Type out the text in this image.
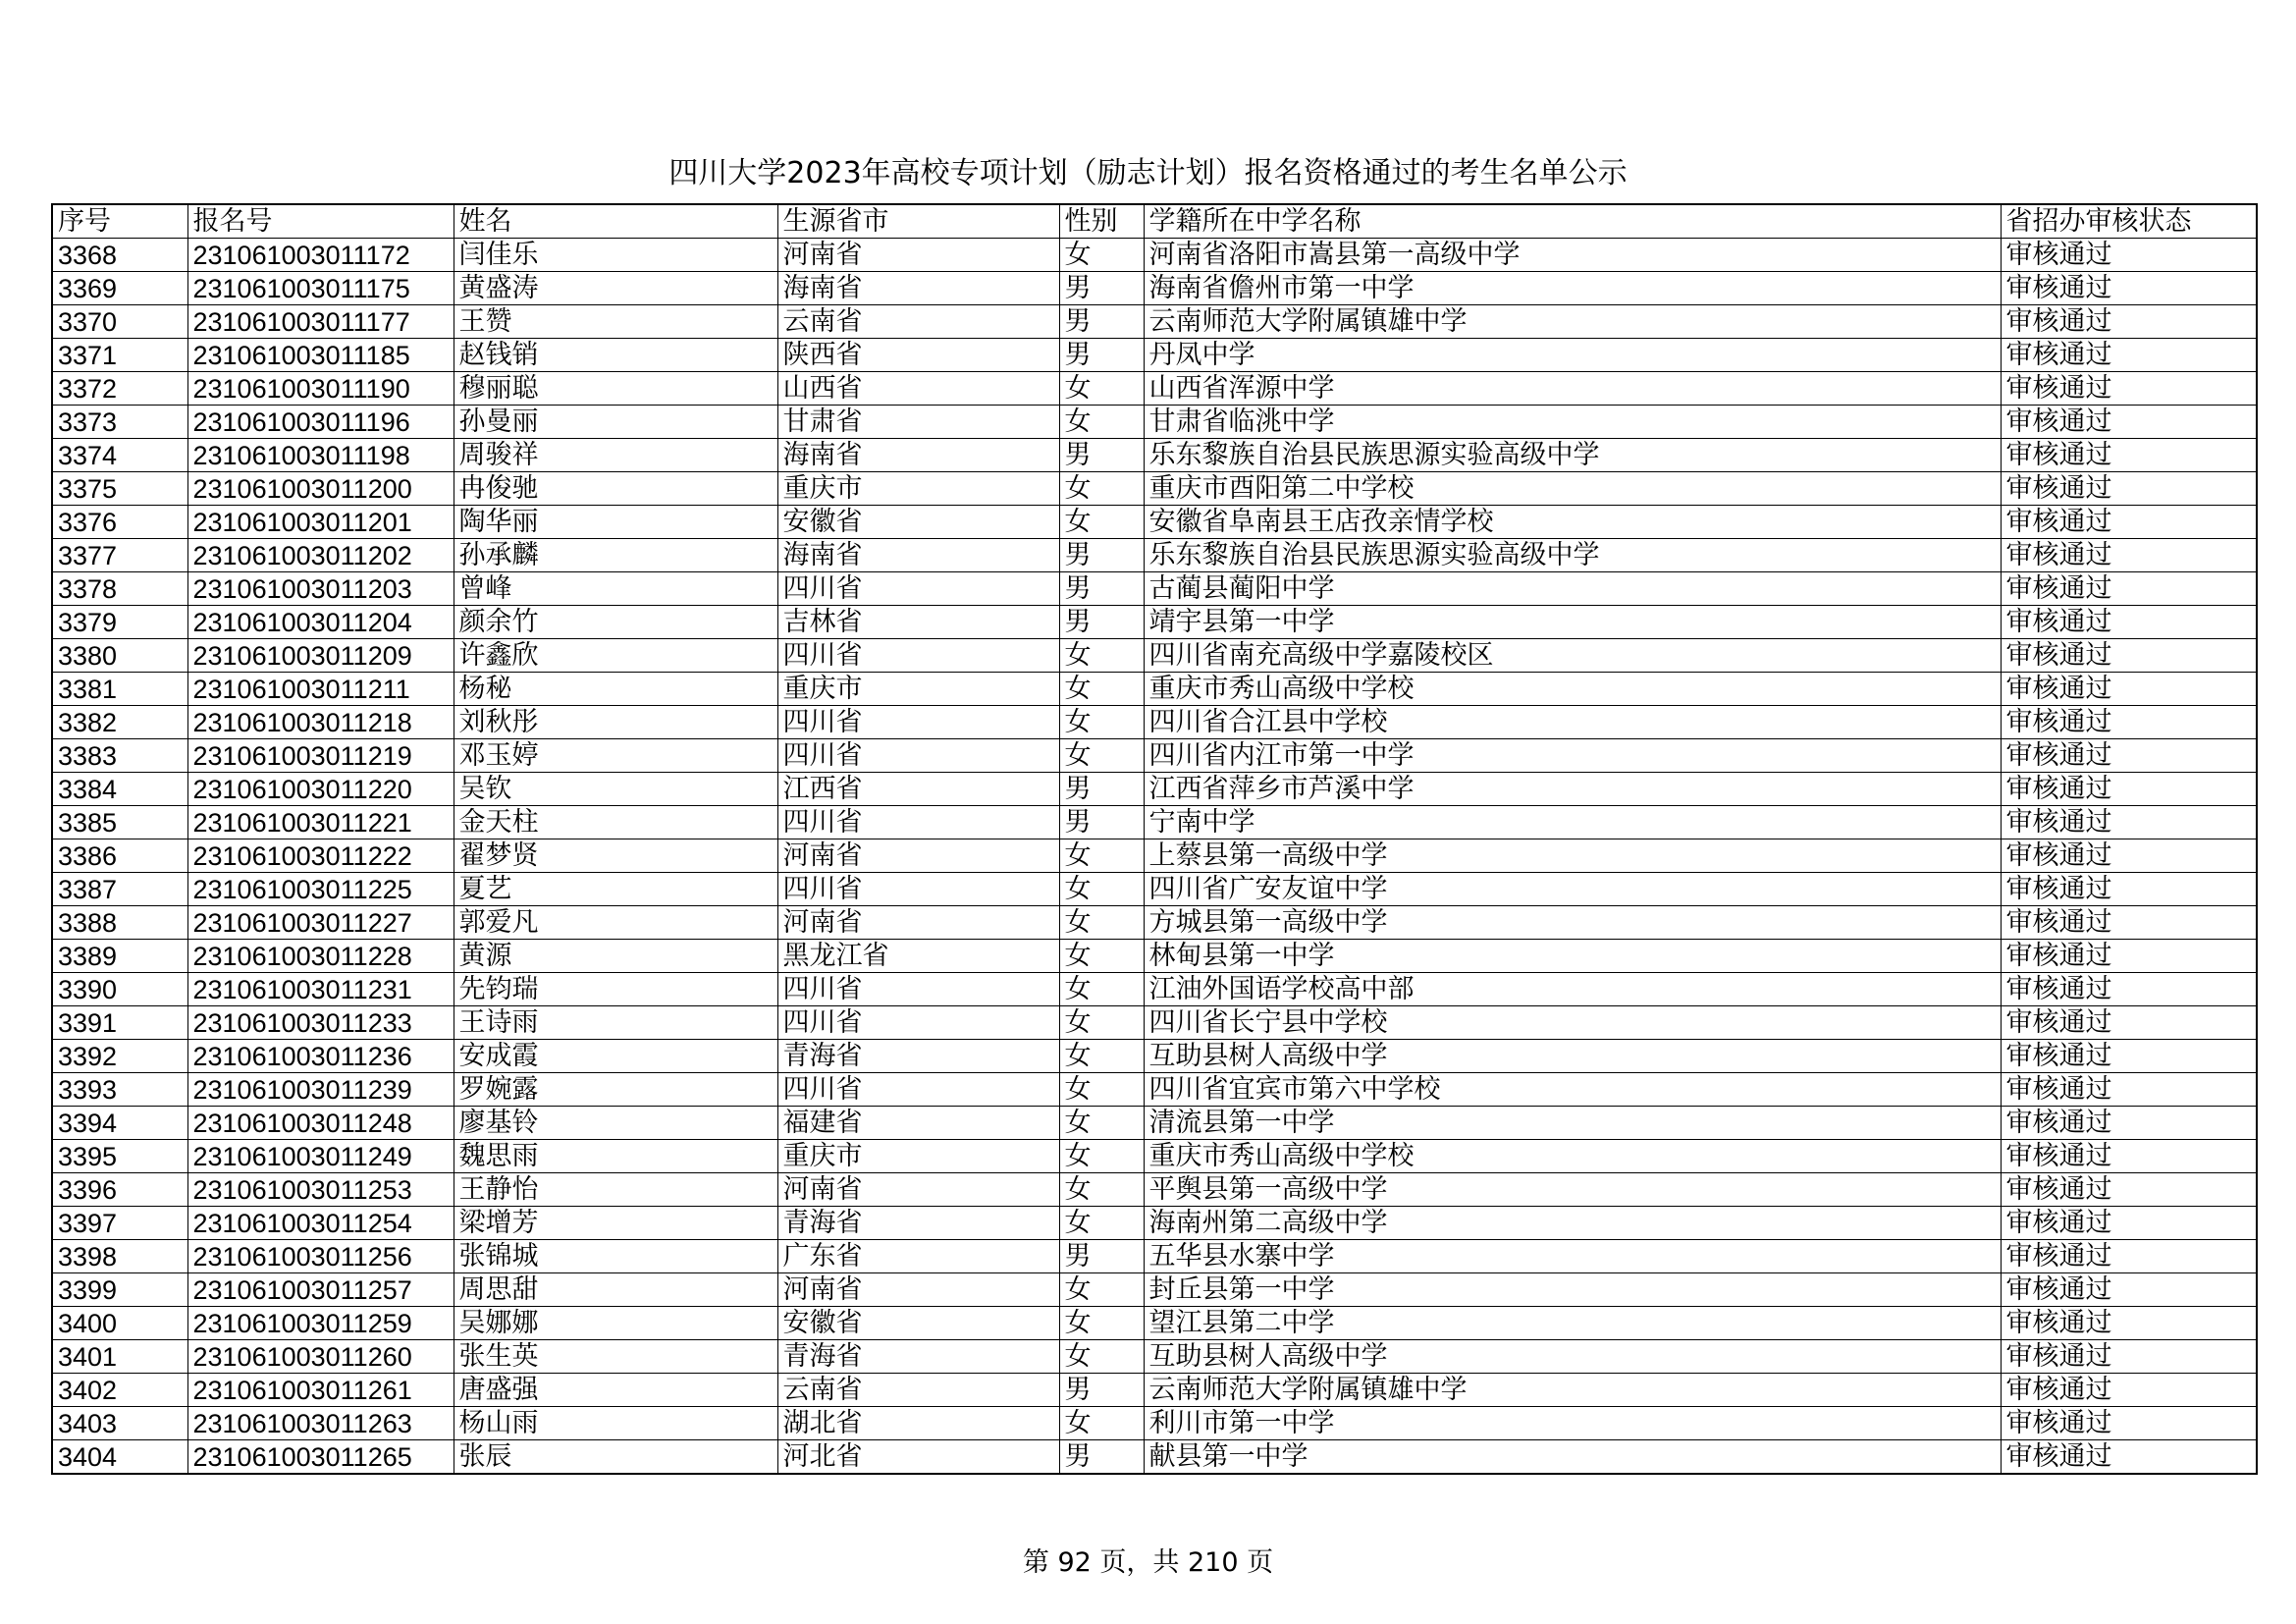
四川大学2023年高校专项计划（励志计划）报名资格通过的考生名单公示
序号	报名号	姓名	生源省市	性别	学籍所在中学名称	省招办审核状态
3368	231061003011172	闫佳乐	河南省	女	河南省洛阳市嵩县第一高级中学	审核通过
3369	231061003011175	黄盛涛	海南省	男	海南省儋州市第一中学	审核通过
3370	231061003011177	王赞	云南省	男	云南师范大学附属镇雄中学	审核通过
3371	231061003011185	赵钱销	陕西省	男	丹凤中学	审核通过
3372	231061003011190	穆丽聪	山西省	女	山西省浑源中学	审核通过
3373	231061003011196	孙曼丽	甘肃省	女	甘肃省临洮中学	审核通过
3374	231061003011198	周骏祥	海南省	男	乐东黎族自治县民族思源实验高级中学	审核通过
3375	231061003011200	冉俊驰	重庆市	女	重庆市酉阳第二中学校	审核通过
3376	231061003011201	陶华丽	安徽省	女	安徽省阜南县王店孜亲情学校	审核通过
3377	231061003011202	孙承麟	海南省	男	乐东黎族自治县民族思源实验高级中学	审核通过
3378	231061003011203	曾峰	四川省	男	古蔺县蔺阳中学	审核通过
3379	231061003011204	颜余竹	吉林省	男	靖宇县第一中学	审核通过
3380	231061003011209	许鑫欣	四川省	女	四川省南充高级中学嘉陵校区	审核通过
3381	231061003011211	杨秘	重庆市	女	重庆市秀山高级中学校	审核通过
3382	231061003011218	刘秋彤	四川省	女	四川省合江县中学校	审核通过
3383	231061003011219	邓玉婷	四川省	女	四川省内江市第一中学	审核通过
3384	231061003011220	吴钦	江西省	男	江西省萍乡市芦溪中学	审核通过
3385	231061003011221	金天柱	四川省	男	宁南中学	审核通过
3386	231061003011222	翟梦贤	河南省	女	上蔡县第一高级中学	审核通过
3387	231061003011225	夏艺	四川省	女	四川省广安友谊中学	审核通过
3388	231061003011227	郭爱凡	河南省	女	方城县第一高级中学	审核通过
3389	231061003011228	黄源	黑龙江省	女	林甸县第一中学	审核通过
3390	231061003011231	先钧瑞	四川省	女	江油外国语学校高中部	审核通过
3391	231061003011233	王诗雨	四川省	女	四川省长宁县中学校	审核通过
3392	231061003011236	安成霞	青海省	女	互助县树人高级中学	审核通过
3393	231061003011239	罗婉露	四川省	女	四川省宜宾市第六中学校	审核通过
3394	231061003011248	廖基铃	福建省	女	清流县第一中学	审核通过
3395	231061003011249	魏思雨	重庆市	女	重庆市秀山高级中学校	审核通过
3396	231061003011253	王静怡	河南省	女	平舆县第一高级中学	审核通过
3397	231061003011254	梁增芳	青海省	女	海南州第二高级中学	审核通过
3398	231061003011256	张锦城	广东省	男	五华县水寨中学	审核通过
3399	231061003011257	周思甜	河南省	女	封丘县第一中学	审核通过
3400	231061003011259	吴娜娜	安徽省	女	望江县第二中学	审核通过
3401	231061003011260	张生英	青海省	女	互助县树人高级中学	审核通过
3402	231061003011261	唐盛强	云南省	男	云南师范大学附属镇雄中学	审核通过
3403	231061003011263	杨山雨	湖北省	女	利川市第一中学	审核通过
3404	231061003011265	张辰	河北省	男	献县第一中学	审核通过
第 92 页，共 210 页
